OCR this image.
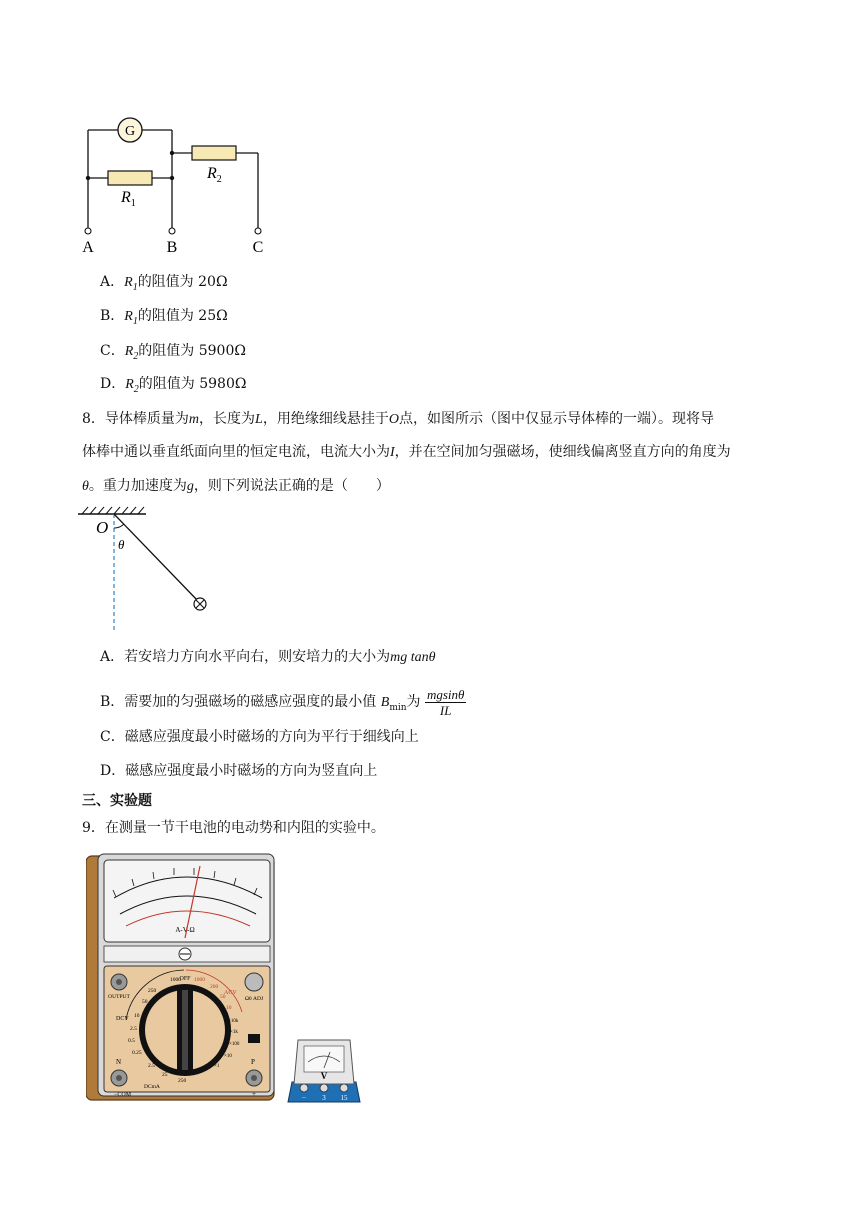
G
$R_1$
$R_2$
A	B	C
A．$R_1$的阻值为 20Ω
B．$R_1$的阻值为 25Ω
C．$R_2$的阻值为 5900Ω
D．$R_2$的阻值为 5980Ω
8．导体棒质量为m，长度为L，用绝缘细线悬挂于O点，如图所示（图中仅显示导体棒的一端）。现将导
体棒中通以垂直纸面向里的恒定电流，电流大小为I，并在空间加匀强磁场，使细线偏离竖直方向的角度为
θ。重力加速度为g，则下列说法正确的是（　　）
O
θ
A．若安培力方向水平向右，则安培力的大小为mg tanθ
B．需要加的匀强磁场的磁感应强度的最小值 $B_{min}$为 $\frac{mgsin\theta}{IL}$
C．磁感应强度最小时磁场的方向为平行于细线向上
D．磁感应强度最小时磁场的方向为竖直向上
三、实验题
9．在测量一节干电池的电动势和内阻的实验中。
A-V-Ω
OFF
OUTPUT	Ω0 ADJ
DCV
ACV
DCmA
N	P
−COM	+
1000
250
50
10
2.5
0.5
0.25
2.5
25
250
1000
200
50
10
×10k
×1k
×100
×10
×1
V
− 3 15
